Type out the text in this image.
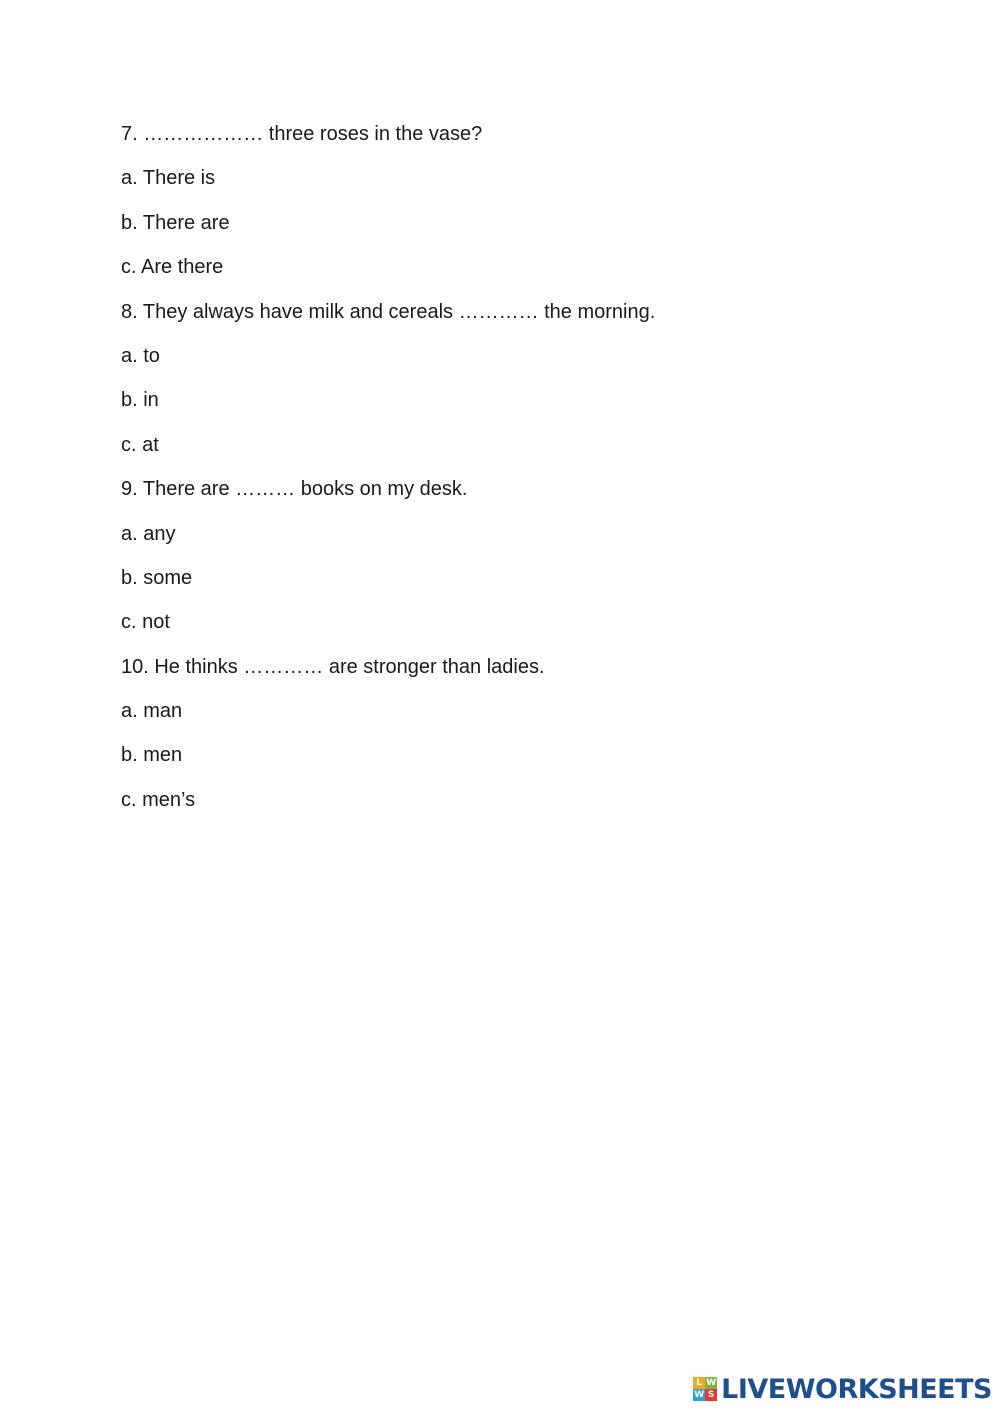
7. ……………… three roses in the vase?
a. There is
b. There are
c. Are there
8. They always have milk and cereals ………… the morning.
a. to
b. in
c. at
9. There are ……… books on my desk.
a. any
b. some
c. not
10. He thinks ………… are stronger than ladies.
a. man
b. men
c. men’s
L W
W S LIVEWORKSHEETS
